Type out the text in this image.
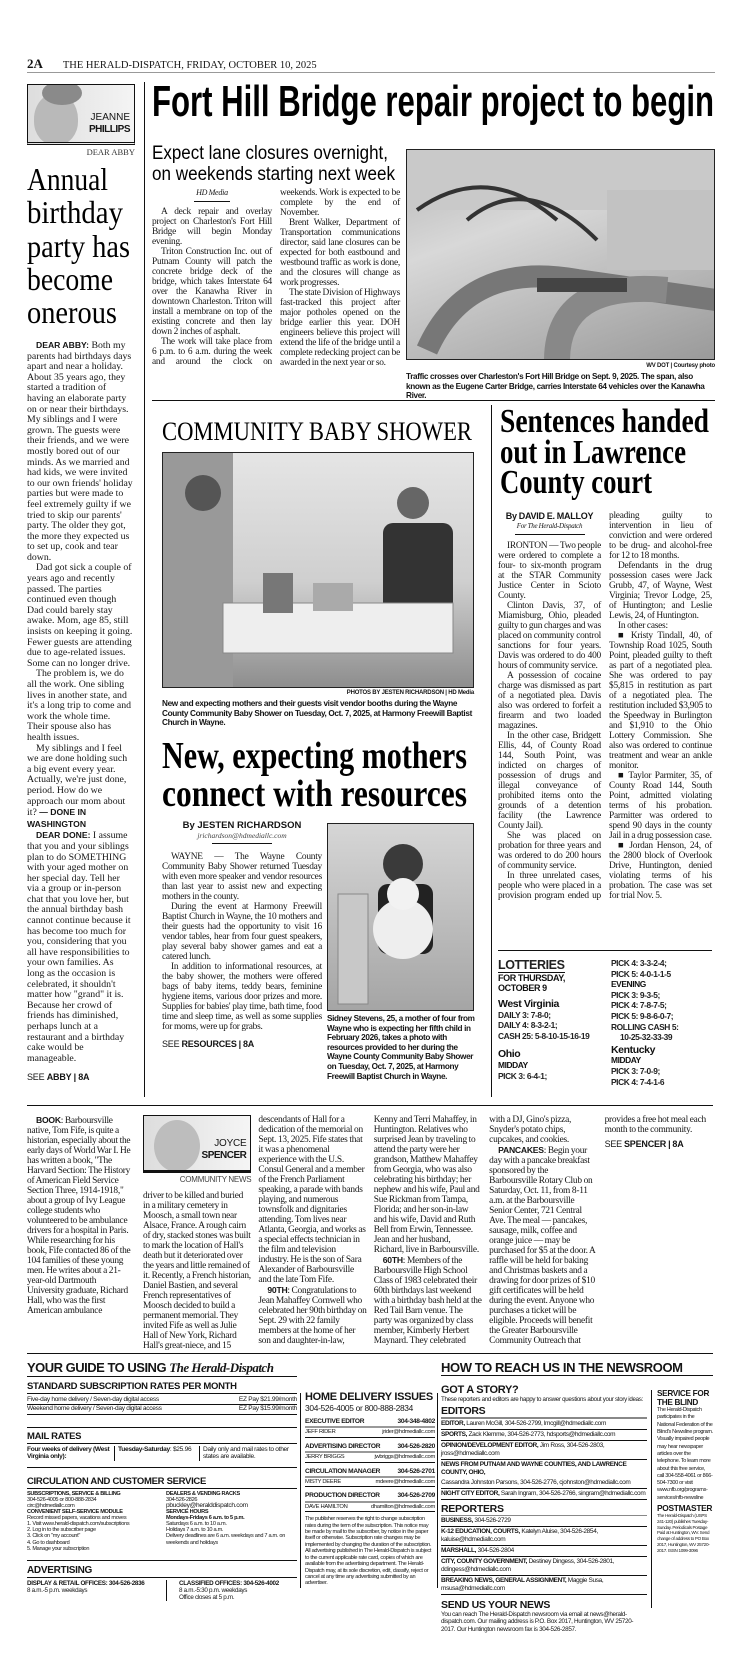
2A THE HERALD-DISPATCH, FRIDAY, OCTOBER 10, 2025
JEANNE
PHILLIPS
DEAR ABBY
Annual
birthday
party has
become
onerous

DEAR ABBY: Both my parents had birthdays days apart and near a holiday. About 35 years ago, they started a tradition of having an elaborate party on or near their birthdays. My siblings and I were grown. The guests were their friends, and we were mostly bored out of our minds. As we married and had kids, we were invited to our own friends' holiday parties but were made to feel extremely guilty if we tried to skip our parents' party. The older they got, the more they expected us to set up, cook and tear down.

Dad got sick a couple of years ago and recently passed. The parties continued even though Dad could barely stay awake. Mom, age 85, still insists on keeping it going. Fewer guests are attending due to age-related issues. Some can no longer drive.

The problem is, we do all the work. One sibling lives in another state, and it's a long trip to come and work the whole time. Their spouse also has health issues.

My siblings and I feel we are done holding such a big event every year. Actually, we're just done, period. How do we approach our mom about it? — DONE IN WASHINGTON

DEAR DONE: I assume that you and your siblings plan to do SOMETHING with your aged mother on her special day. Tell her via a group or in-person chat that you love her, but the annual birthday bash cannot continue because it has become too much for you, considering that you all have responsibilities to your own families. As long as the occasion is celebrated, it shouldn't matter how "grand" it is. Because her crowd of friends has diminished, perhaps lunch at a restaurant and a birthday cake would be manageable.

SEE ABBY | 8A
Fort Hill Bridge repair project to begin
Expect lane closures overnight,
on weekends starting next week
HD Media

A deck repair and overlay project on Charleston's Fort Hill Bridge will begin Monday evening.

Triton Construction Inc. out of Putnam County will patch the concrete bridge deck of the bridge, which takes Interstate 64 over the Kanawha River in downtown Charleston. Triton will install a membrane on top of the existing concrete and then lay down 2 inches of asphalt.

The work will take place from 6 p.m. to 6 a.m. during the week and around the clock on weekends. Work is expected to be complete by the end of November.

Brent Walker, Department of Transportation communications director, said lane closures can be expected for both eastbound and westbound traffic as work is done, and the closures will change as work progresses.

The state Division of Highways fast-tracked this project after major potholes opened on the bridge earlier this year. DOH engineers believe this project will extend the life of the bridge until a complete redecking project can be awarded in the next year or so.	WV DOT | Courtesy photo
Traffic crosses over Charleston's Fort Hill Bridge on Sept. 9, 2025. The span, also known as the Eugene Carter Bridge, carries Interstate 64 vehicles over the Kanawha River.
COMMUNITY BABY SHOWER
PHOTOS BY JESTEN RICHARDSON | HD Media
New and expecting mothers and their guests visit vendor booths during the Wayne County Community Baby Shower on Tuesday, Oct. 7, 2025, at Harmony Freewill Baptist Church in Wayne.
New, expecting mothers
connect with resources
By JESTEN RICHARDSON
jrichardson@hdmediallc.com

WAYNE — The Wayne County Community Baby Shower returned Tuesday with even more speaker and vendor resources than last year to assist new and expecting mothers in the county.

During the event at Harmony Freewill Baptist Church in Wayne, the 10 mothers and their guests had the opportunity to visit 16 vendor tables, hear from four guest speakers, play several baby shower games and eat a catered lunch.

In addition to informational resources, at the baby shower, the mothers were offered bags of baby items, teddy bears, feminine hygiene items, various door prizes and more. Supplies for babies' play time, bath time, food time and sleep time, as well as some supplies for moms, were up for grabs.

SEE RESOURCES | 8A
Sidney Stevens, 25, a mother of four from Wayne who is expecting her fifth child in February 2026, takes a photo with resources provided to her during the Wayne County Community Baby Shower on Tuesday, Oct. 7, 2025, at Harmony Freewill Baptist Church in Wayne.
Sentences handed
out in Lawrence
County court
By DAVID E. MALLOY
For The Herald-Dispatch

IRONTON — Two people were ordered to complete a four- to six-month program at the STAR Community Justice Center in Scioto County.

Clinton Davis, 37, of Miamisburg, Ohio, pleaded guilty to gun charges and was placed on community control sanctions for four years. Davis was ordered to do 400 hours of community service.

A possession of cocaine charge was dismissed as part of a negotiated plea. Davis also was ordered to forfeit a firearm and two loaded magazines.

In the other case, Bridgett Ellis, 44, of County Road 144, South Point, was indicted on charges of possession of drugs and illegal conveyance of prohibited items onto the grounds of a detention facility (the Lawrence County Jail).

She was placed on probation for three years and was ordered to do 200 hours of community service.

In three unrelated cases, people who were placed in a provision program ended up pleading guilty to intervention in lieu of conviction and were ordered to be drug- and alcohol-free for 12 to 18 months.

Defendants in the drug possession cases were Jack Grubb, 47, of Wayne, West Virginia; Trevor Lodge, 25, of Huntington; and Leslie Lewis, 24, of Huntington.

In other cases:

■ Kristy Tindall, 40, of Township Road 1025, South Point, pleaded guilty to theft as part of a negotiated plea. She was ordered to pay $5,815 in restitution as part of a negotiated plea. The restitution included $3,905 to the Speedway in Burlington and $1,910 to the Ohio Lottery Commission. She also was ordered to continue treatment and wear an ankle monitor.

■ Taylor Parmiter, 35, of County Road 144, South Point, admitted violating terms of his probation. Parmitter was ordered to spend 90 days in the county Jail in a drug possession case.

■ Jordan Henson, 24, of the 2800 block of Overlook Drive, Huntington, denied violating terms of his probation. The case was set for trial Nov. 5.

LOTTERIES
FOR THURSDAY, OCTOBER 9
West Virginia
DAILY 3: 7-8-0;
DAILY 4: 8-3-2-1;
CASH 25: 5-8-10-15-16-19
Ohio
MIDDAY
PICK 3: 6-4-1;
PICK 4: 3-3-2-4;
PICK 5: 4-0-1-1-5
EVENING
PICK 3: 9-3-5;
PICK 4: 7-8-7-5;
PICK 5: 9-8-6-0-7;
ROLLING CASH 5:
10-25-32-33-39
Kentucky
MIDDAY
PICK 3: 7-0-9;
PICK 4: 7-4-1-6

BOOK: Barboursville native, Tom Fife, is quite a historian, especially about the early days of World War I. He has written a book, "The Harvard Section: The History of American Field Service Section Three, 1914-1918," about a group of Ivy League college students who volunteered to be ambulance drivers for a hospital in Paris. While researching for his book, Fife contacted 86 of the 104 families of these young men. He writes about a 21-year-old Dartmouth University graduate, Richard Hall, who was the first American ambulance

JOYCE
SPENCER
COMMUNITY NEWS

driver to be killed and buried in a military cemetery in Moosch, a small town near Alsace, France. A rough cairn of dry, stacked stones was built to mark the location of Hall's death but it deteriorated over the years and little remained of it. Recently, a French historian, Daniel Bastien, and several French representatives of Moosch decided to build a permanent memorial. They invited Fife as well as Julie Hall of New York, Richard Hall's great-niece, and 15 descendants of Hall for a dedication of the memorial on Sept. 13, 2025. Fife states that it was a phenomenal experience with the U.S. Consul General and a member of the French Parliament speaking, a parade with bands playing, and numerous townsfolk and dignitaries attending. Tom lives near Atlanta, Georgia, and works as a special effects technician in the film and television industry. He is the son of Sara Alexander of Barboursville and the late Tom Fife.

90TH: Congratulations to Jean Mahaffey Cornwell who celebrated her 90th birthday on Sept. 29 with 22 family members at the home of her son and daughter-in-law, Kenny and Terri Mahaffey, in Huntington. Relatives who surprised Jean by traveling to attend the party were her grandson, Matthew Mahaffey from Georgia, who was also celebrating his birthday; her nephew and his wife, Paul and Sue Rickman from Tampa, Florida; and her son-in-law and his wife, David and Ruth Bell from Erwin, Tennessee. Jean and her husband, Richard, live in Barboursville.

60TH: Members of the Barboursville High School Class of 1983 celebrated their 60th birthdays last weekend with a birthday bash held at the Red Tail Barn venue. The party was organized by class member, Kimberly Herbert Maynard. They celebrated with a DJ, Gino's pizza, Snyder's potato chips, cupcakes, and cookies.

PANCAKES: Begin your day with a pancake breakfast sponsored by the Barboursville Rotary Club on Saturday, Oct. 11, from 8-11 a.m. at the Barboursville Senior Center, 721 Central Ave. The meal — pancakes, sausage, milk, coffee and orange juice — may be purchased for $5 at the door. A raffle will be held for baking and Christmas baskets and a drawing for door prizes of $10 gift certificates will be held during the event. Anyone who purchases a ticket will be eligible. Proceeds will benefit the Greater Barboursville Community Outreach that provides a free hot meal each month to the community.

SEE SPENCER | 8A
YOUR GUIDE TO USING The Herald-Dispatch
STANDARD SUBSCRIPTION RATES PER MONTH
Five-day home delivery / Seven-day digital access	EZ Pay $21.99/month
Weekend home delivery / Seven-day digital access	EZ Pay $15.99/month
MAIL RATES
Four weeks of delivery (West Virginia only):
Tuesday-Saturday: $25.96	Daily only and mail rates to other states are available.
CIRCULATION AND CUSTOMER SERVICE
SUBSCRIPTIONS, SERVICE & BILLING
304-526-4005 or 800-888-2834
circ@hdmediallc.com
CONVENIENT SELF-SERVICE MODULE
Record missed papers, vacations and moves
1. Visit www.herald-dispatch.com/subscriptions
2. Log in to the subscriber page
3. Click on "my account"
4. Go to dashboard
5. Manage your subscription
DEALERS & VENDING RACKS
304-526-2826
pbuckley@heralddispatch.com
SERVICE HOURS
Mondays-Fridays 6 a.m. to 5 p.m.
Saturdays 6 a.m. to 10 a.m.
Holidays 7 a.m. to 10 a.m.
Delivery deadlines are 6 a.m. weekdays and 7 a.m. on weekends and holidays
ADVERTISING
DISPLAY & RETAIL OFFICES: 304-526-2836
8 a.m.-5 p.m. weekdays
CLASSIFIED OFFICES: 304-526-4002
8 a.m.-5:30 p.m. weekdays
Office closes at 5 p.m.
HOME DELIVERY ISSUES
304-526-4005 or 800-888-2834
EXECUTIVE EDITOR	304-348-4802
JEFF RIDER	jrider@hdmediallc.com
ADVERTISING DIRECTOR	304-526-2820
JERRY BRIGGS	jwbriggs@hdmediallc.com
CIRCULATION MANAGER	304-526-2701
MISTY DEERE	mdeere@hdmediallc.com
PRODUCTION DIRECTOR	304-526-2709
DAVE HAMILTON	dhamilton@hdmediallc.com
The publisher reserves the right to change subscription rates during the term of the subscription. This notice may be made by mail to the subscriber, by notice in the paper itself or otherwise. Subscription rate changes may be implemented by changing the duration of the subscription.
All advertising published in The Herald-Dispatch is subject to the current applicable rate card, copies of which are available from the advertising department. The Herald-Dispatch may, at its sole discretion, edit, classify, reject or cancel at any time any advertising submitted by an advertiser.
HOW TO REACH US IN THE NEWSROOM
GOT A STORY?
These reporters and editors are happy to answer questions about your story ideas:
EDITORS
EDITOR, Lauren McGill, 304-526-2799, lmcgill@hdmediallc.com
SPORTS, Zack Klemme, 304-526-2773, hdsports@hdmediallc.com
OPINION/DEVELOPMENT EDITOR, Jim Ross, 304-526-2803, jross@hdmediallc.com
NEWS FROM PUTNAM AND WAYNE COUNTIES, AND LAWRENCE COUNTY, OHIO,
Cassandra Johnston Parsons, 304-526-2776, cjohnston@hdmediallc.com
NIGHT CITY EDITOR, Sarah Ingram, 304-526-2766, singram@hdmediallc.com
REPORTERS
BUSINESS, 304-526-2729
K-12 EDUCATION, COURTS, Katelyn Aluise, 304-526-2854, kaluise@hdmediallc.com
MARSHALL, 304-526-2804
CITY, COUNTY GOVERNMENT, Destiney Dingess, 304-526-2801, ddingess@hdmediallc.com
BREAKING NEWS, GENERAL ASSIGNMENT, Maggie Susa, msusa@hdmediallc.com
SEND US YOUR NEWS
You can reach The Herald-Dispatch newsroom via email at news@herald-dispatch.com. Our mailing address is P.O. Box 2017, Huntington, WV 25720-2017. Our Huntington newsroom fax is 304-526-2857.
SERVICE FOR THE BLIND
The Herald-Dispatch participates in the National Federation of the Blind's Newsline program. Visually impaired people may hear newspaper articles over the telephone. To learn more about this free service, call 304-558-4061 or 866-504-7300 or visit www.nfb.org/programs-services/nfb-newsline
POSTMASTER
The Herald-Dispatch (USPS 241-120) publishes Tuesday-Sunday. Periodicals Postage Paid at Huntington, WV. Send change of address to PO Box 2017, Huntington, WV 25720-2017. ISSN 1099-3096
